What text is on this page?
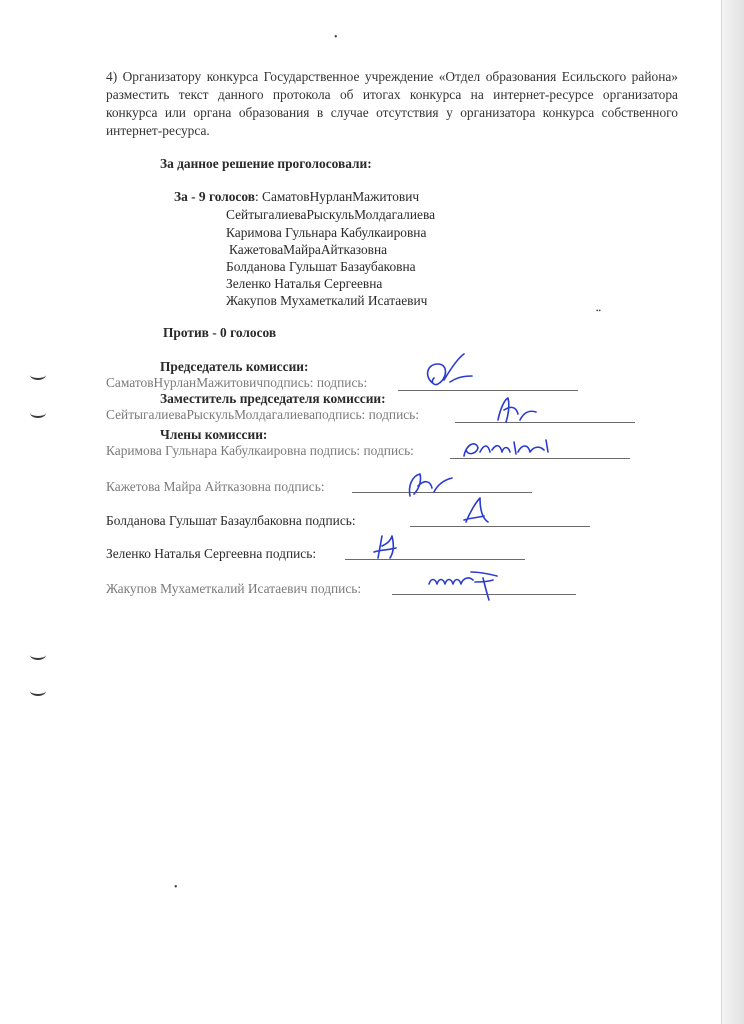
•
••
•
4) Организатору конкурса Государственное учреждение «Отдел образования Есильского района» разместить текст данного протокола об итогах конкурса на интернет-ресурсе организатора конкурса или органа образования в случае отсутствия у организатора конкурса собственного интернет-ресурса.
За данное решение проголосовали:
За - 9 голосов: СаматовНурланМажитович
СейтыгалиеваРыскульМолдагалиева
Каримова Гульнара Кабулкаировна
КажетоваМайраАйтказовна
Болданова Гульшат Базаубаковна
Зеленко Наталья Сергеевна
Жакупов Мухаметкалий Исатаевич
Против - 0 голосов
Председатель комиссии:
СаматовНурланМажитовичподпись: подпись:
Заместитель председателя комиссии:
СейтыгалиеваРыскульМолдагалиеваподпись: подпись:
Члены комиссии:
Каримова Гульнара Кабулкаировна подпись: подпись:
Кажетова Майра Айтказовна подпись:
Болданова Гульшат Базаулбаковна подпись:
Зеленко Наталья Сергеевна подпись:
Жакупов Мухаметкалий Исатаевич подпись:
